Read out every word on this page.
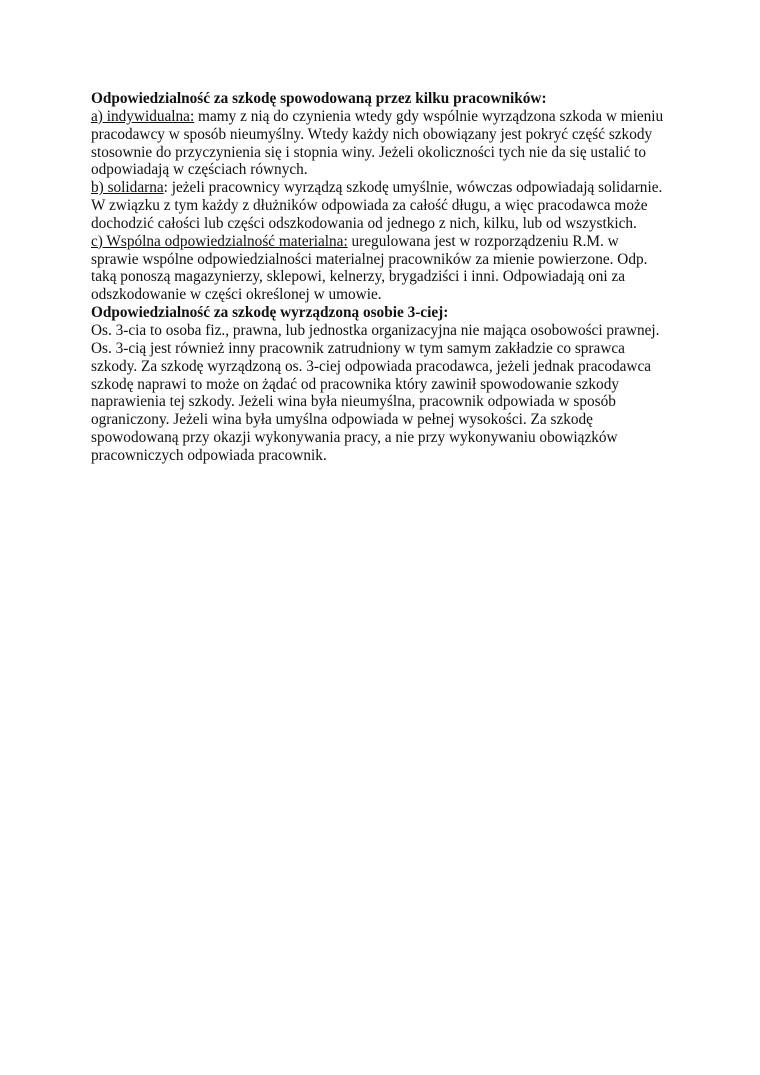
Odpowiedzialność za szkodę spowodowaną przez kilku pracowników:

a) indywidualna: mamy z nią do czynienia wtedy gdy wspólnie wyrządzona szkoda w mieniu
pracodawcy w sposób nieumyślny. Wtedy każdy nich obowiązany jest pokryć część szkody
stosownie do przyczynienia się i stopnia winy. Jeżeli okoliczności tych nie da się ustalić to
odpowiadają w częściach równych.
b) solidarna: jeżeli pracownicy wyrządzą szkodę umyślnie, wówczas odpowiadają solidarnie.
W związku z tym każdy z dłużników odpowiada za całość długu, a więc pracodawca może
dochodzić całości lub części odszkodowania od jednego z nich, kilku, lub od wszystkich.
c) Wspólna odpowiedzialność materialna: uregulowana jest w rozporządzeniu R.M. w
sprawie wspólne odpowiedzialności materialnej pracowników za mienie powierzone. Odp.
taką ponoszą magazynierzy, sklepowi, kelnerzy, brygadziści i inni. Odpowiadają oni za
odszkodowanie w części określonej w umowie.

Odpowiedzialność za szkodę wyrządzoną osobie 3-ciej:

Os. 3-cia to osoba fiz., prawna, lub jednostka organizacyjna nie mająca osobowości prawnej.
Os. 3-cią jest również inny pracownik zatrudniony w tym samym zakładzie co sprawca
szkody. Za szkodę wyrządzoną os. 3-ciej odpowiada pracodawca, jeżeli jednak pracodawca
szkodę naprawi to może on żądać od pracownika który zawinił spowodowanie szkody
naprawienia tej szkody. Jeżeli wina była nieumyślna, pracownik odpowiada w sposób
ograniczony. Jeżeli wina była umyślna odpowiada w pełnej wysokości. Za szkodę
spowodowaną przy okazji wykonywania pracy, a nie przy wykonywaniu obowiązków
pracowniczych odpowiada pracownik.
